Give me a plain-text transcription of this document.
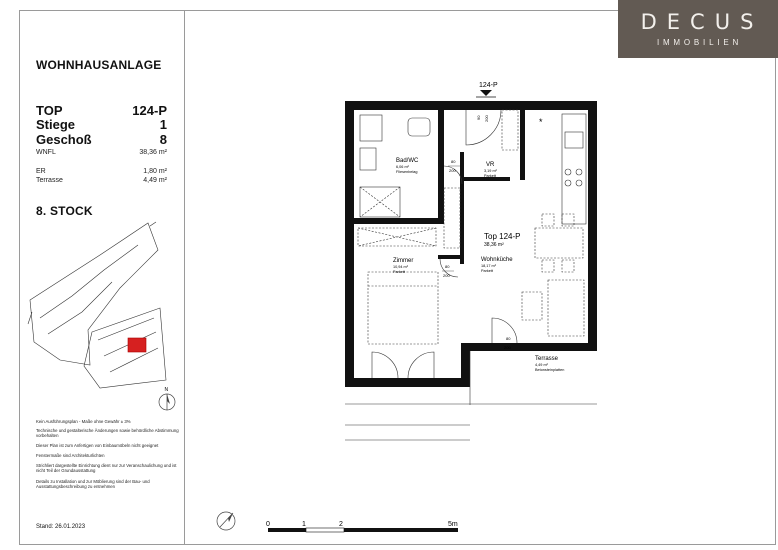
DECUS
IMMOBILIEN
WOHNHAUSANLAGE
TOP	124-P
Stiege	1
Geschoß	8
WNFL	38,36 m²
ER	1,80 m²
Terrasse	4,49 m²
8. STOCK
Kein Ausführungsplan - Maße ohne Gewähr ± 3%
Technische und gestalterische Änderungen sowie behördliche Abstimmung vorbehalten
Dieser Plan ist zum Anfertigen von Einbaumöbeln nicht geeignet
Fenstermaße sind Architekturlichten
Strichliert dargestellte Einrichtung dient nur zur Veranschaulichung und ist nicht Teil der Grundausstattung
Details zu Installation und zur Möblierung sind der Bau- und Ausstattungsbeschreibung zu entnehmen
Stand: 26.01.2023
N
124-P
Bad/WC
6,06 m²
Fliesenbelag
VR
3,19 m²
Parkett
Top 124-P
38,36 m²
Zimmer
10,94 m²
Parkett
Wohnküche
18,17 m²
Parkett
Terrasse
4,49 m²
Betonsteinplatten
80
200
80
200
80
200
90 200	*
0	1	2	5m
